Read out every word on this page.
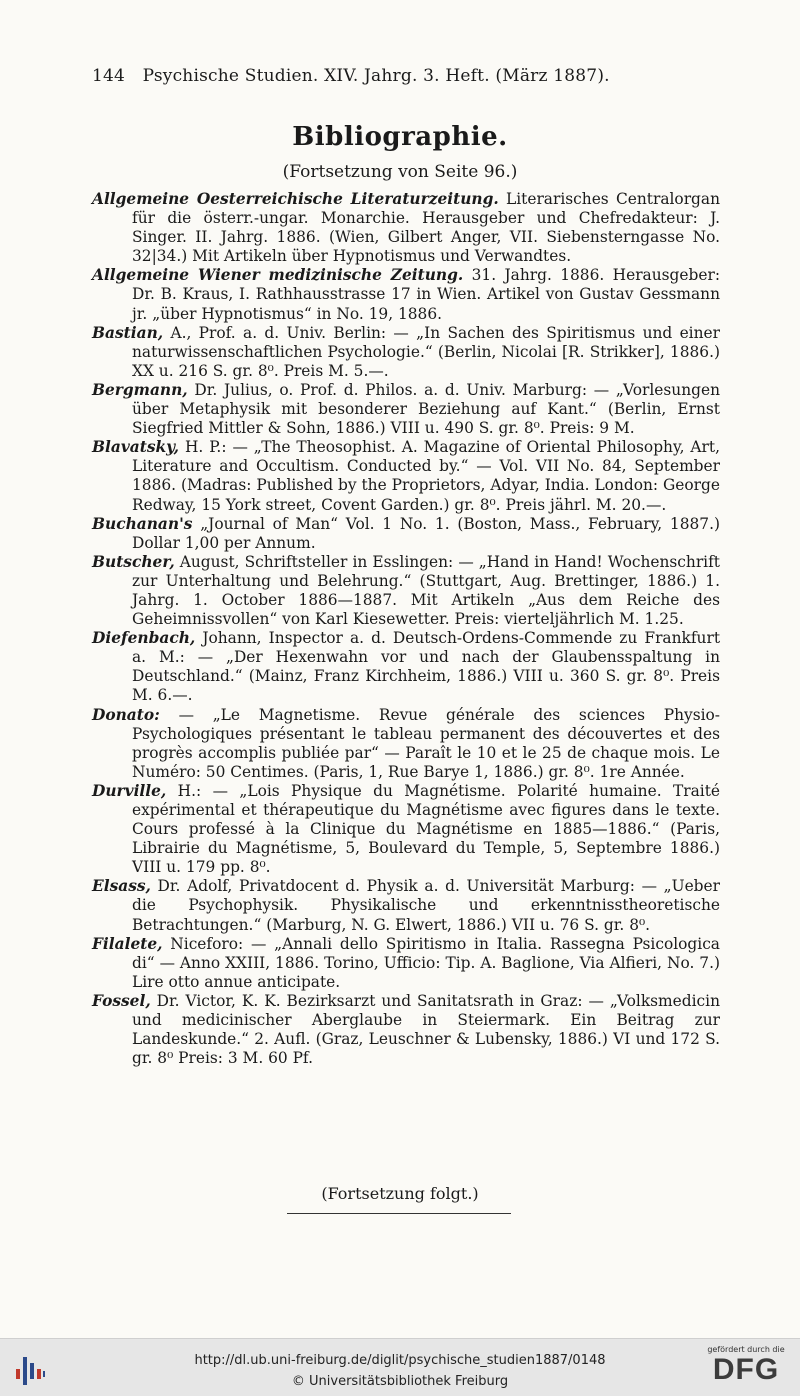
144 Psychische Studien. XIV. Jahrg. 3. Heft. (März 1887).
Bibliographie.
(Fortsetzung von Seite 96.)

Allgemeine Oesterreichische Literaturzeitung. Literarisches Centralorgan für die österr.-ungar. Monarchie. Herausgeber und Chefredakteur: J. Singer. II. Jahrg. 1886. (Wien, Gilbert Anger, VII. Siebensterngasse No. 32|34.) Mit Artikeln über Hypnotismus und Verwandtes.

Allgemeine Wiener medizinische Zeitung. 31. Jahrg. 1886. Herausgeber: Dr. B. Kraus, I. Rathhausstrasse 17 in Wien. Artikel von Gustav Gessmann jr. „über Hypnotismus“ in No. 19, 1886.

Bastian, A., Prof. a. d. Univ. Berlin: — „In Sachen des Spiritismus und einer naturwissenschaftlichen Psychologie.“ (Berlin, Nicolai [R. Strikker], 1886.) XX u. 216 S. gr. 8⁰. Preis M. 5.—.

Bergmann, Dr. Julius, o. Prof. d. Philos. a. d. Univ. Marburg: — „Vorlesungen über Metaphysik mit besonderer Beziehung auf Kant.“ (Berlin, Ernst Siegfried Mittler & Sohn, 1886.) VIII u. 490 S. gr. 8⁰. Preis: 9 M.

Blavatsky, H. P.: — „The Theosophist. A. Magazine of Oriental Philosophy, Art, Literature and Occultism. Conducted by.“ — Vol. VII No. 84, September 1886. (Madras: Published by the Proprietors, Adyar, India. London: George Redway, 15 York street, Covent Garden.) gr. 8⁰. Preis jährl. M. 20.—.

Buchanan's „Journal of Man“ Vol. 1 No. 1. (Boston, Mass., February, 1887.) Dollar 1,00 per Annum.

Butscher, August, Schriftsteller in Esslingen: — „Hand in Hand! Wochenschrift zur Unterhaltung und Belehrung.“ (Stuttgart, Aug. Brettinger, 1886.) 1. Jahrg. 1. October 1886—1887. Mit Artikeln „Aus dem Reiche des Geheimnissvollen“ von Karl Kiesewetter. Preis: vierteljährlich M. 1.25.

Diefenbach, Johann, Inspector a. d. Deutsch-Ordens-Commende zu Frankfurt a. M.: — „Der Hexenwahn vor und nach der Glaubensspaltung in Deutschland.“ (Mainz, Franz Kirchheim, 1886.) VIII u. 360 S. gr. 8⁰. Preis M. 6.—.

Donato: — „Le Magnetisme. Revue générale des sciences Physio-Psychologiques présentant le tableau permanent des découvertes et des progrès accomplis publiée par“ — Paraît le 10 et le 25 de chaque mois. Le Numéro: 50 Centimes. (Paris, 1, Rue Barye 1, 1886.) gr. 8⁰. 1re Année.

Durville, H.: — „Lois Physique du Magnétisme. Polarité humaine. Traité expérimental et thérapeutique du Magnétisme avec figures dans le texte. Cours professé à la Clinique du Magnétisme en 1885—1886.“ (Paris, Librairie du Magnétisme, 5, Boulevard du Temple, 5, Septembre 1886.) VIII u. 179 pp. 8⁰.

Elsass, Dr. Adolf, Privatdocent d. Physik a. d. Universität Marburg: — „Ueber die Psychophysik. Physikalische und erkenntnisstheoretische Betrachtungen.“ (Marburg, N. G. Elwert, 1886.) VII u. 76 S. gr. 8⁰.

Filalete, Niceforo: — „Annali dello Spiritismo in Italia. Rassegna Psicologica di“ — Anno XXIII, 1886. Torino, Ufficio: Tip. A. Baglione, Via Alfieri, No. 7.) Lire otto annue anticipate.

Fossel, Dr. Victor, K. K. Bezirksarzt und Sanitatsrath in Graz: — „Volksmedicin und medicinischer Aberglaube in Steiermark. Ein Beitrag zur Landeskunde.“ 2. Aufl. (Graz, Leuschner & Lubensky, 1886.) VI und 172 S. gr. 8⁰ Preis: 3 M. 60 Pf.

(Fortsetzung folgt.)
http://dl.ub.uni-freiburg.de/diglit/psychische_studien1887/0148
© Universitätsbibliothek Freiburg
gefördert durch die
DFG
